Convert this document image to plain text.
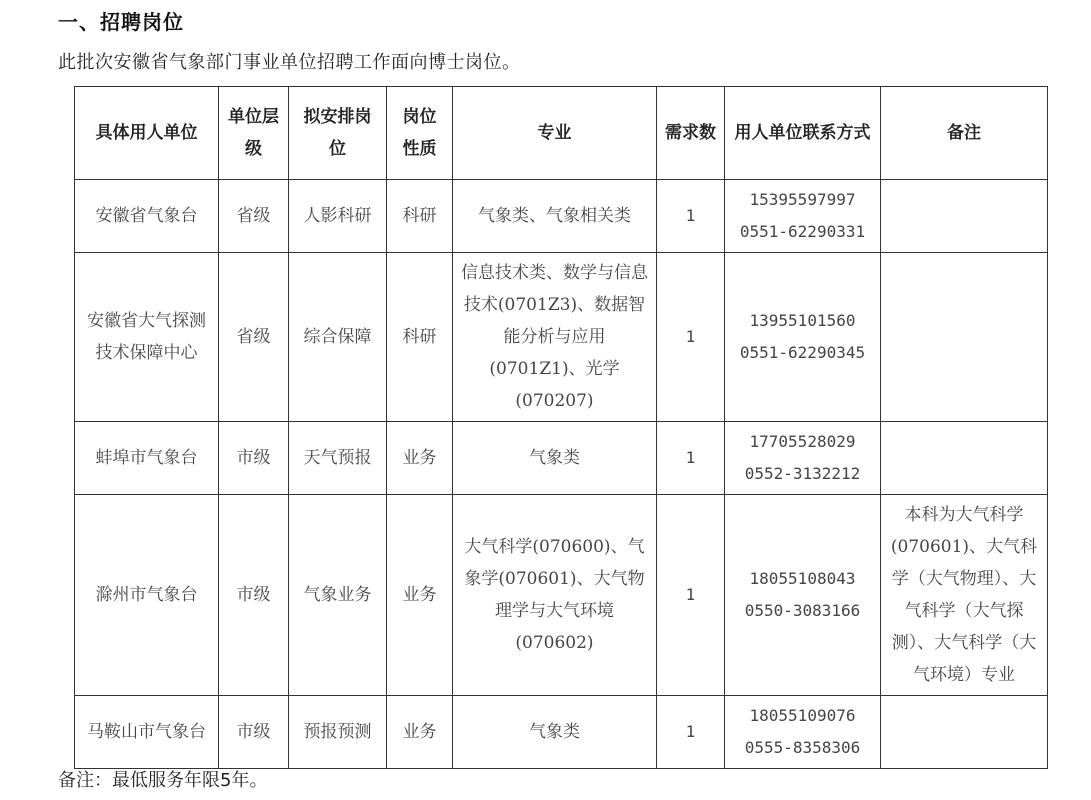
一、招聘岗位
此批次安徽省气象部门事业单位招聘工作面向博士岗位。
具体用人单位	单位层级	拟安排岗位	岗位性质	专业	需求数	用人单位联系方式	备注
安徽省气象台	省级	人影科研	科研	气象类、气象相关类	1	15395597997
0551-62290331	

安徽省大气探测技术保障中心	省级	综合保障	科研	信息技术类、数学与信息技术(0701Z3)、数据智能分析与应用(0701Z1)、光学(070207)	1	13955101560
0551-62290345	

蚌埠市气象台	市级	天气预报	业务	气象类	1	17705528029
0552-3132212	

滁州市气象台	市级	气象业务	业务	大气科学(070600)、气象学(070601)、大气物理学与大气环境(070602)	1	18055108043
0550-3083166	本科为大气科学(070601)、大气科学（大气物理）、大气科学（大气探测）、大气科学（大气环境）专业
马鞍山市气象台	市级	预报预测	业务	气象类	1	18055109076
0555-8358306	

备注：最低服务年限5年。
